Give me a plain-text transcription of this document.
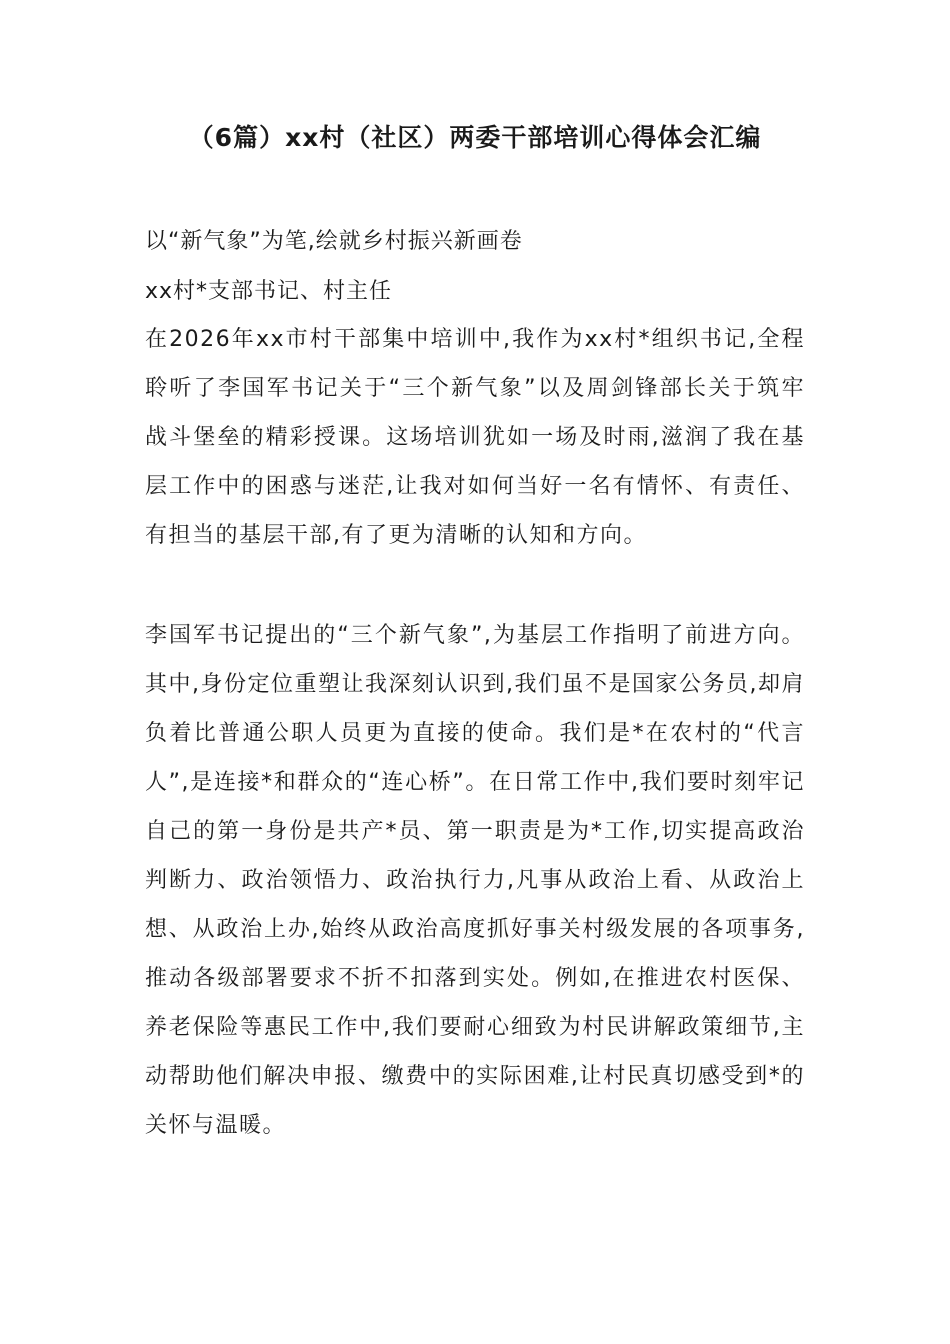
（6篇）xx村（社区）两委干部培训心得体会汇编

以“新气象”为笔,绘就乡村振兴新画卷

xx村*支部书记、村主任

在2026年xx市村干部集中培训中,我作为xx村*组织书记,全程聆听了李国军书记关于“三个新气象”以及周剑锋部长关于筑牢战斗堡垒的精彩授课。这场培训犹如一场及时雨,滋润了我在基层工作中的困惑与迷茫,让我对如何当好一名有情怀、有责任、有担当的基层干部,有了更为清晰的认知和方向。

李国军书记提出的“三个新气象”,为基层工作指明了前进方向。其中,身份定位重塑让我深刻认识到,我们虽不是国家公务员,却肩负着比普通公职人员更为直接的使命。我们是*在农村的“代言人”,是连接*和群众的“连心桥”。在日常工作中,我们要时刻牢记自己的第一身份是共产*员、第一职责是为*工作,切实提高政治判断力、政治领悟力、政治执行力,凡事从政治上看、从政治上想、从政治上办,始终从政治高度抓好事关村级发展的各项事务,推动各级部署要求不折不扣落到实处。例如,在推进农村医保、养老保险等惠民工作中,我们要耐心细致为村民讲解政策细节,主动帮助他们解决申报、缴费中的实际困难,让村民真切感受到*的关怀与温暖。
